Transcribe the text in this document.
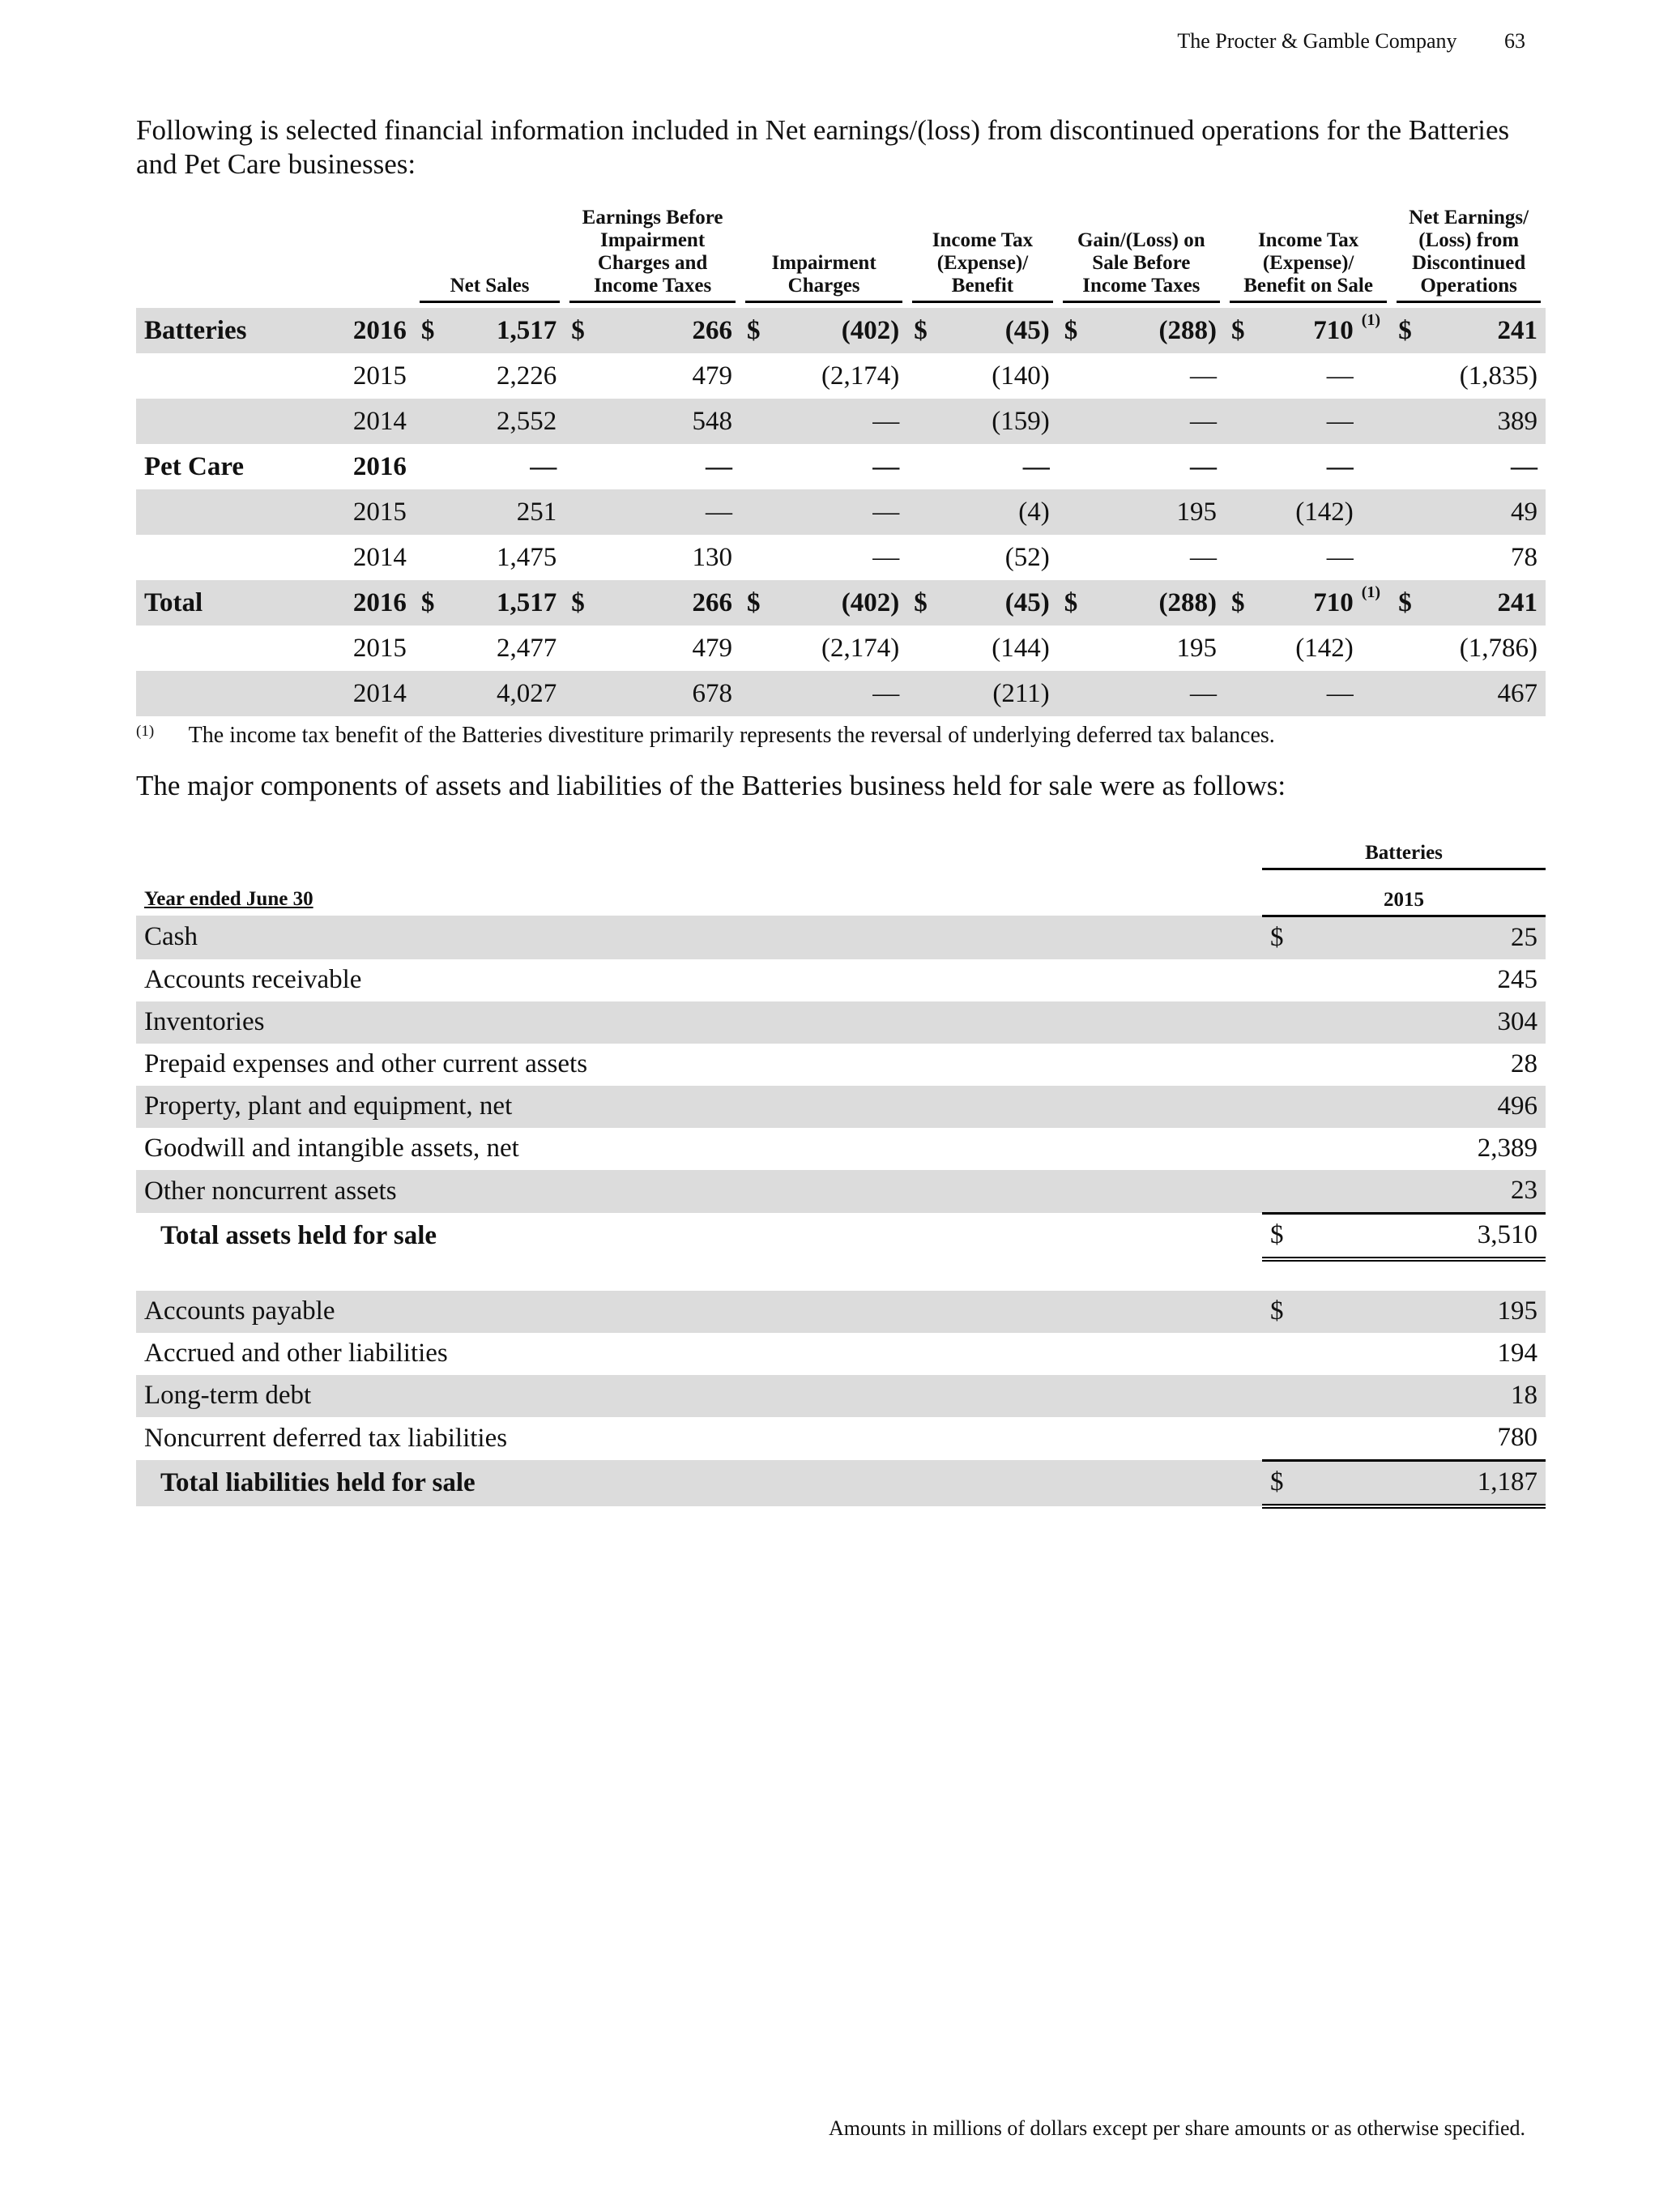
The Procter & Gamble Company 63
Following is selected financial information included in Net earnings/(loss) from discontinued operations for the Batteries and Pet Care businesses:

		Net Sales		Earnings Before Impairment Charges and Income Taxes		Impairment Charges		Income Tax (Expense)/ Benefit		Gain/(Loss) on Sale Before Income Taxes		Income Tax (Expense)/ Benefit on Sale			Net Earnings/ (Loss) from Discontinued Operations	

Batteries	2016	$	1,517	$	266	$	(402)	$	(45)	$	(288)	$	710	(1)	$	241
	2015		2,226		479		(2,174)		(140)		—		—			(1,835)
	2014		2,552		548		—		(159)		—		—			389
Pet Care	2016		—		—		—		—		—		—			—
	2015		251		—		—		(4)		195		(142)			49
	2014		1,475		130		—		(52)		—		—			78
Total	2016	$	1,517	$	266	$	(402)	$	(45)	$	(288)	$	710	(1)	$	241
	2015		2,477		479		(2,174)		(144)		195		(142)			(1,786)
	2014		4,027		678		—		(211)		—		—			467
$^{(1)}$ The income tax benefit of the Batteries divestiture primarily represents the reversal of underlying deferred tax balances.
The major components of assets and liabilities of the Batteries business held for sale were as follows:
	Batteries	
Year ended June 30	2015	
Cash	$	25
Accounts receivable		245
Inventories		304
Prepaid expenses and other current assets		28
Property, plant and equipment, net		496
Goodwill and intangible assets, net		2,389
Other noncurrent assets		23
Total assets held for sale	$	3,510

Accounts payable	$	195
Accrued and other liabilities		194
Long-term debt		18
Noncurrent deferred tax liabilities		780
Total liabilities held for sale	$	1,187
Amounts in millions of dollars except per share amounts or as otherwise specified.
